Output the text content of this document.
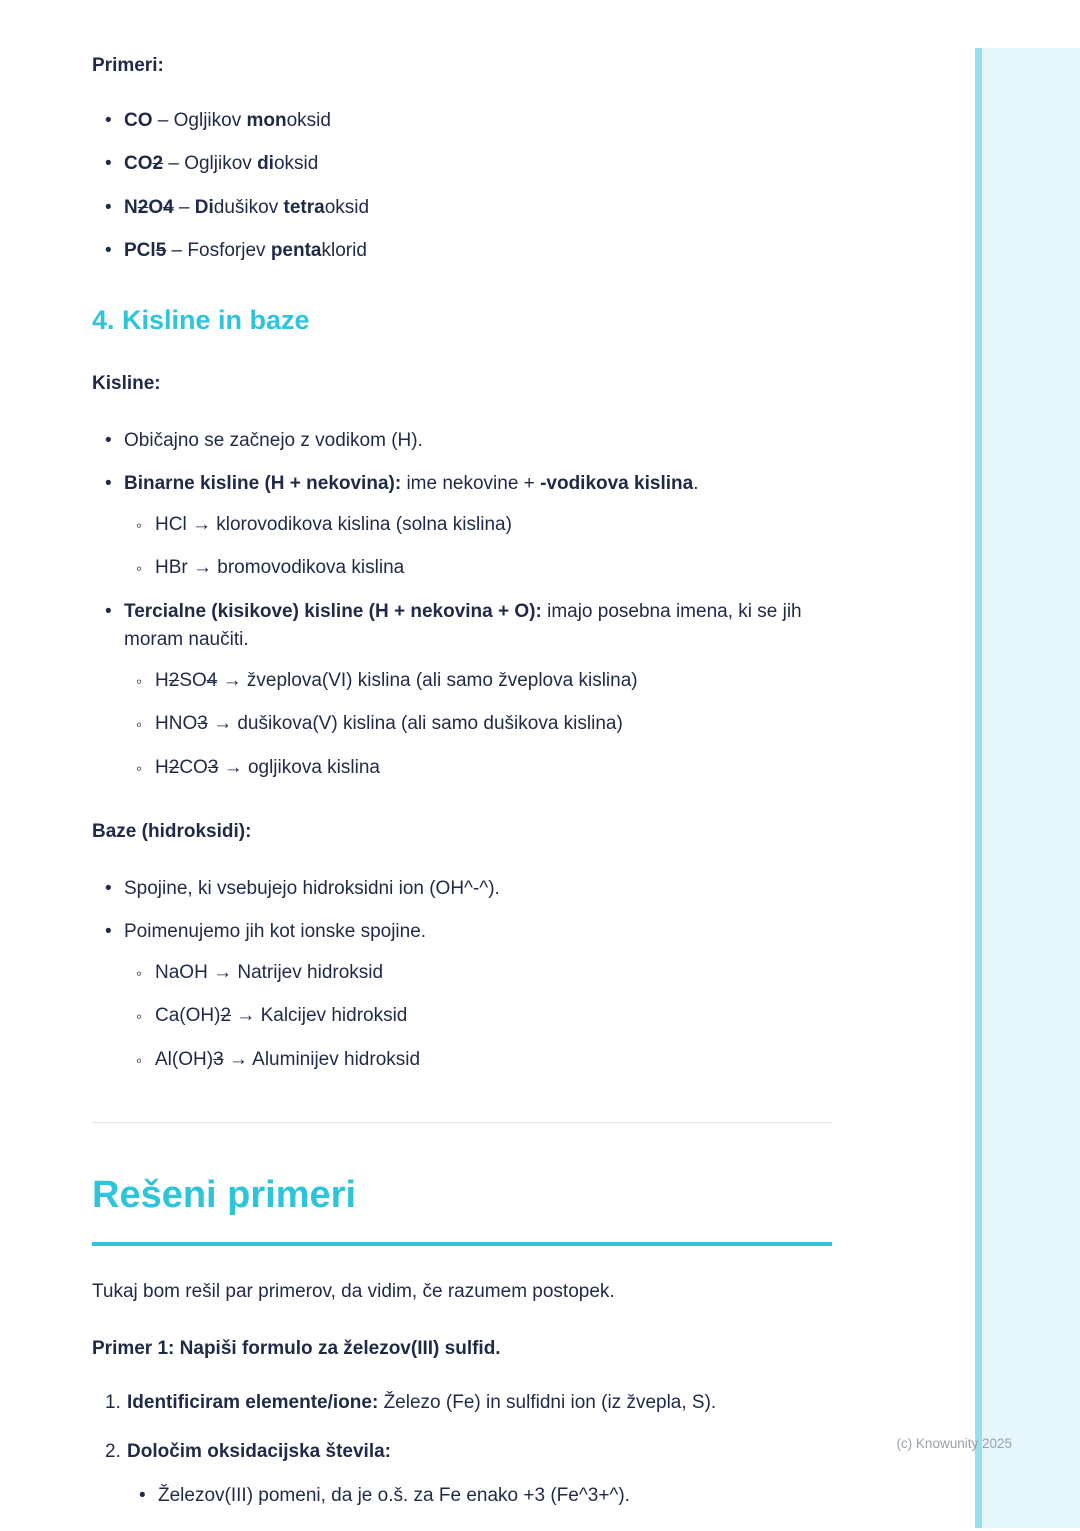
Primeri:
• CO – Ogljikov monoksid
• CO2 – Ogljikov dioksid
• N2O4 – Didušikov tetraoksid
• PCl5 – Fosforjev pentaklorid
4. Kisline in baze
Kisline:
• Običajno se začnejo z vodikom (H).
• Binarne kisline (H + nekovina): ime nekovine + -vodikova kislina.
◦ HCl → klorovodikova kislina (solna kislina)
◦ HBr → bromovodikova kislina
• Tercialne (kisikove) kisline (H + nekovina + O): imajo posebna imena, ki se jih moram naučiti.
◦ H2SO4 → žveplova(VI) kislina (ali samo žveplova kislina)
◦ HNO3 → dušikova(V) kislina (ali samo dušikova kislina)
◦ H2CO3 → ogljikova kislina
Baze (hidroksidi):
• Spojine, ki vsebujejo hidroksidni ion (OH^-^).
• Poimenujemo jih kot ionske spojine.
◦ NaOH → Natrijev hidroksid
◦ Ca(OH)2 → Kalcijev hidroksid
◦ Al(OH)3 → Aluminijev hidroksid
Rešeni primeri

Tukaj bom rešil par primerov, da vidim, če razumem postopek.

Primer 1: Napiši formulo za železov(III) sulfid.

1. Identificiram elemente/ione: Železo (Fe) in sulfidni ion (iz žvepla, S).
2. Določim oksidacijska števila:
• Železov(III) pomeni, da je o.š. za Fe enako +3 (Fe^3+^).
(c) Knowunity 2025
